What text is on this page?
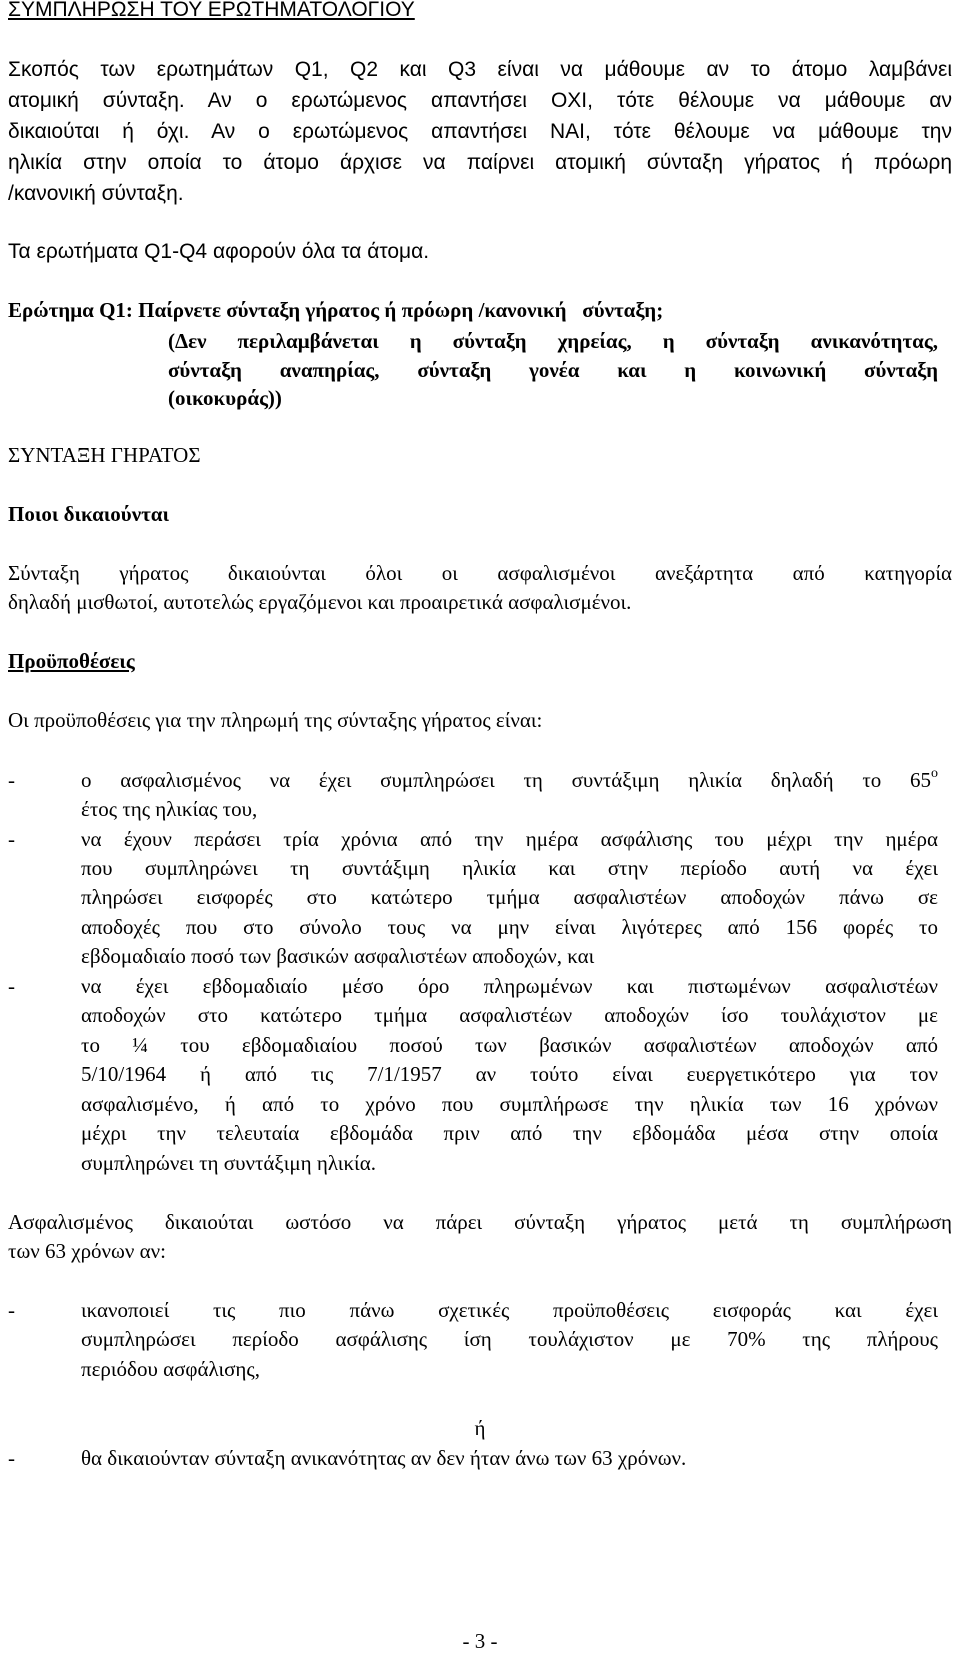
ΣΥΜΠΛΗΡΩΣΗ ΤΟΥ ΕΡΩΤΗΜΑΤΟΛΟΓΙΟΥ
Σκοπός των ερωτημάτων Q1, Q2 και Q3 είναι να μάθουμε αν το άτομο λαμβάνει
ατομική σύνταξη. Αν ο ερωτώμενος απαντήσει ΟΧΙ, τότε θέλουμε να μάθουμε αν
δικαιούται ή όχι. Αν ο ερωτώμενος απαντήσει ΝΑΙ, τότε θέλουμε να μάθουμε την
ηλικία στην οποία το άτομο άρχισε να παίρνει ατομική σύνταξη γήρατος ή πρόωρη
/κανονική σύνταξη.
Τα ερωτήματα Q1-Q4 αφορούν όλα τα άτομα.
Ερώτημα Q1: Παίρνετε σύνταξη γήρατος ή πρόωρη /κανονική   σύνταξη;
(Δεν περιλαμβάνεται η σύνταξη χηρείας, η σύνταξη ανικανότητας,
σύνταξη αναπηρίας, σύνταξη γονέα και η κοινωνική σύνταξη
(οικοκυράς))
ΣΥΝΤΑΞΗ ΓΗΡΑΤΟΣ
Ποιοι δικαιούνται
Σύνταξη γήρατος δικαιούνται όλοι οι ασφαλισμένοι ανεξάρτητα από κατηγορία
δηλαδή μισθωτοί, αυτοτελώς εργαζόμενοι και προαιρετικά ασφαλισμένοι.
Προϋποθέσεις
Οι προϋποθέσεις για την πληρωμή της σύνταξης γήρατος είναι:
-	ο ασφαλισμένος να έχει συμπληρώσει τη συντάξιμη ηλικία δηλαδή το $65^o$
έτος της ηλικίας του,
-	να έχουν περάσει τρία χρόνια από την ημέρα ασφάλισης του μέχρι την ημέρα
που συμπληρώνει τη συντάξιμη ηλικία και στην περίοδο αυτή να έχει
πληρώσει εισφορές στο κατώτερο τμήμα ασφαλιστέων αποδοχών πάνω σε
αποδοχές που στο σύνολο τους να μην είναι λιγότερες από 156 φορές το
εβδομαδιαίο ποσό των βασικών ασφαλιστέων αποδοχών, και
-	να έχει εβδομαδιαίο μέσο όρο πληρωμένων και πιστωμένων ασφαλιστέων
αποδοχών στο κατώτερο τμήμα ασφαλιστέων αποδοχών ίσο τουλάχιστον με
το ¼ του εβδομαδιαίου ποσού των βασικών ασφαλιστέων αποδοχών από
5/10/1964 ή από τις 7/1/1957 αν τούτο είναι ευεργετικότερο για τον
ασφαλισμένο, ή από το χρόνο που συμπλήρωσε την ηλικία των 16 χρόνων
μέχρι την τελευταία εβδομάδα πριν από την εβδομάδα μέσα στην οποία
συμπληρώνει τη συντάξιμη ηλικία.
Ασφαλισμένος δικαιούται ωστόσο να πάρει σύνταξη γήρατος μετά τη συμπλήρωση
των 63 χρόνων αν:
-	ικανοποιεί τις πιο πάνω σχετικές προϋποθέσεις εισφοράς και έχει
συμπληρώσει περίοδο ασφάλισης ίση τουλάχιστον με 70% της πλήρους
περιόδου ασφάλισης,
ή
-	θα δικαιούνταν σύνταξη ανικανότητας αν δεν ήταν άνω των 63 χρόνων.
- 3 -
